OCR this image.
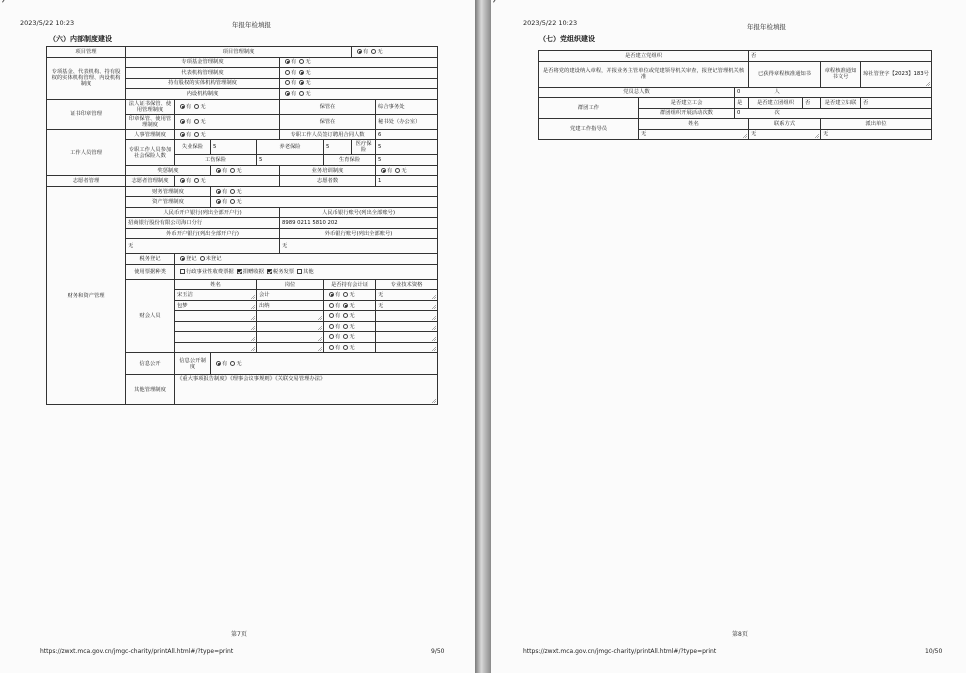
2023/5/22 10:23	年报年检填报
（六）内部制度建设
项目管理	项目管理制度						有 无	
专项基金、代表机构、持有股权的实体机构管理、内设机构制度	专项基金管理制度				有 无			
	代表机构管理制度				有 无			
	持有股权的实体机构管理制度				有 无			
	内设机构制度				有 无			
证书印章管理	法人证书保管、使用管理制度	有 无			保管在			综合事务处
	印章保管、使用管理制度	有 无			保管在			秘书处（办公室）
工作人员管理	人事管理制度	有 无			专职工作人员签订聘用合同人数			6
	专职工作人员参加社会保险人数	失业保险	5	养老保险		5	医疗保险	5
		工伤保险		5		生育保险		5
	奖惩制度		有 无		业务培训制度			有 无
志愿者管理	志愿者管理制度	有 无			志愿者数			1
财务和资产管理	财务管理制度		有 无					
	资产管理制度		有 无					
	人民币开户银行(列出全部开户行)				人民币银行账号(列出全部账号)			
	招商银行股份有限公司海口分行				8989 0211 5810 202			
	外币开户银行(列出全部开户行)				外币银行账号(列出全部账号)			
	无				无			
	税务登记	登记 未登记						
	使用票据种类	行政事业性收费票据 捐赠收据 税务发票 其他						
	财会人员	姓名		岗位		是否持有会计证		专业技术资格
		宋玉洁		会计		有 无		无
		包梦		出纳		有 无		无
						有 无		
						有 无		
						有 无		
						有 无		
	信息公开	信息公开制度	有 无					
	其他管理制度	《重大事项报告制度》《理事会议事规则》《关联交易管理办法》						
第7页
https://zwxt.mca.gov.cn/jmgc-charity/printAll.html#/?type=print	9/50
2023/5/22 10:23	年报年检填报
（七）党组织建设
是否建立党组织			否			
是否将党的建设纳入章程，并报业务主管单位或党建领导机关审查，报登记管理机关核准			已获得章程核准通知书		章程核准通知书文号	琼社管登字【2023】183号
党员总人数		0 人				
群团工作	是否建立工会	是	是否建立团组织	否	是否建立妇联	否
	群团组织开展活动次数	0 次				
党建工作指导员	姓名		联系方式		派出单位	
	无		无		无	
第8页
https://zwxt.mca.gov.cn/jmgc-charity/printAll.html#/?type=print	10/50
